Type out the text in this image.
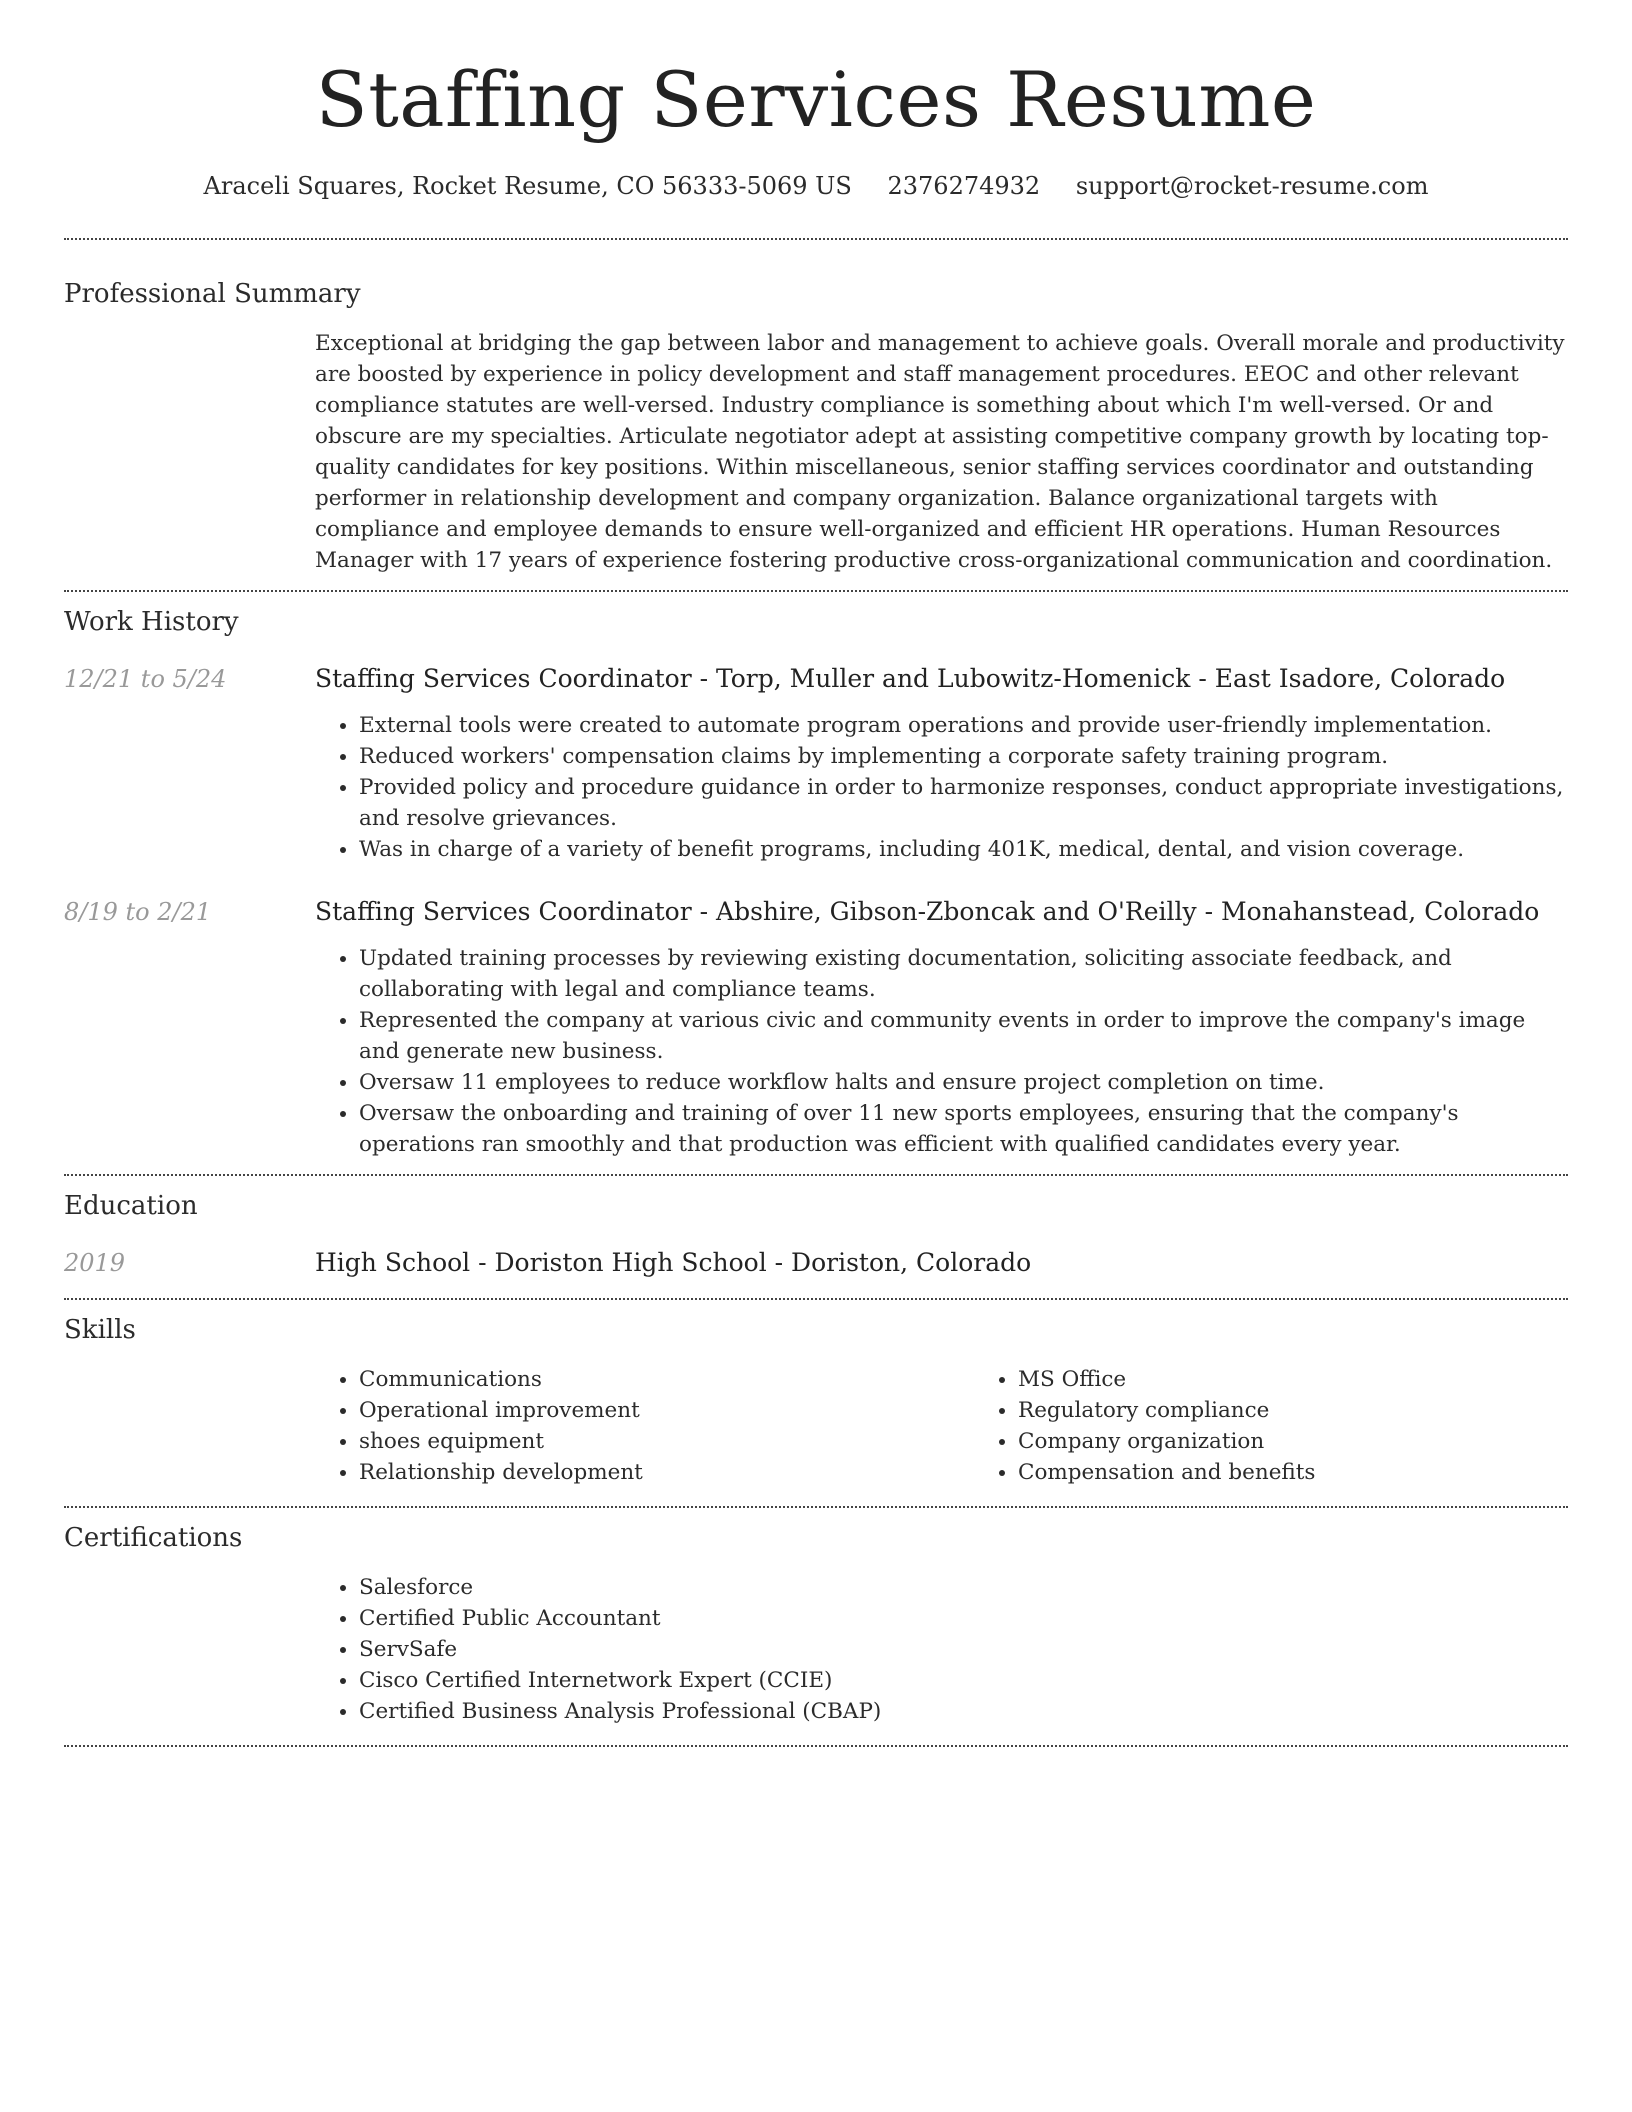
Staffing Services Resume
Araceli Squares, Rocket Resume, CO 56333-5069 US 2376274932 support@rocket-resume.com
Professional Summary

Exceptional at bridging the gap between labor and management to achieve goals. Overall morale and productivity are boosted by experience in policy development and staff management procedures. EEOC and other relevant compliance statutes are well-versed. Industry compliance is something about which I'm well-versed. Or and obscure are my specialties. Articulate negotiator adept at assisting competitive company growth by locating top-quality candidates for key positions. Within miscellaneous, senior staffing services coordinator and outstanding performer in relationship development and company organization. Balance organizational targets with compliance and employee demands to ensure well-organized and efficient HR operations. Human Resources Manager with 17 years of experience fostering productive cross-organizational communication and coordination.

Work History
12/21 to 5/24	Staffing Services Coordinator - Torp, Muller and Lubowitz-Homenick - East Isadore, Colorado
• External tools were created to automate program operations and provide user-friendly implementation.
• Reduced workers' compensation claims by implementing a corporate safety training program.
• Provided policy and procedure guidance in order to harmonize responses, conduct appropriate investigations, and resolve grievances.
• Was in charge of a variety of benefit programs, including 401K, medical, dental, and vision coverage.
8/19 to 2/21	Staffing Services Coordinator - Abshire, Gibson-Zboncak and O'Reilly - Monahanstead, Colorado
• Updated training processes by reviewing existing documentation, soliciting associate feedback, and collaborating with legal and compliance teams.
• Represented the company at various civic and community events in order to improve the company's image and generate new business.
• Oversaw 11 employees to reduce workflow halts and ensure project completion on time.
• Oversaw the onboarding and training of over 11 new sports employees, ensuring that the company's operations ran smoothly and that production was efficient with qualified candidates every year.
Education
2019	High School - Doriston High School - Doriston, Colorado
Skills
• Communications
• Operational improvement
• shoes equipment
• Relationship development
• MS Office
• Regulatory compliance
• Company organization
• Compensation and benefits
Certifications
• Salesforce
• Certified Public Accountant
• ServSafe
• Cisco Certified Internetwork Expert (CCIE)
• Certified Business Analysis Professional (CBAP)
